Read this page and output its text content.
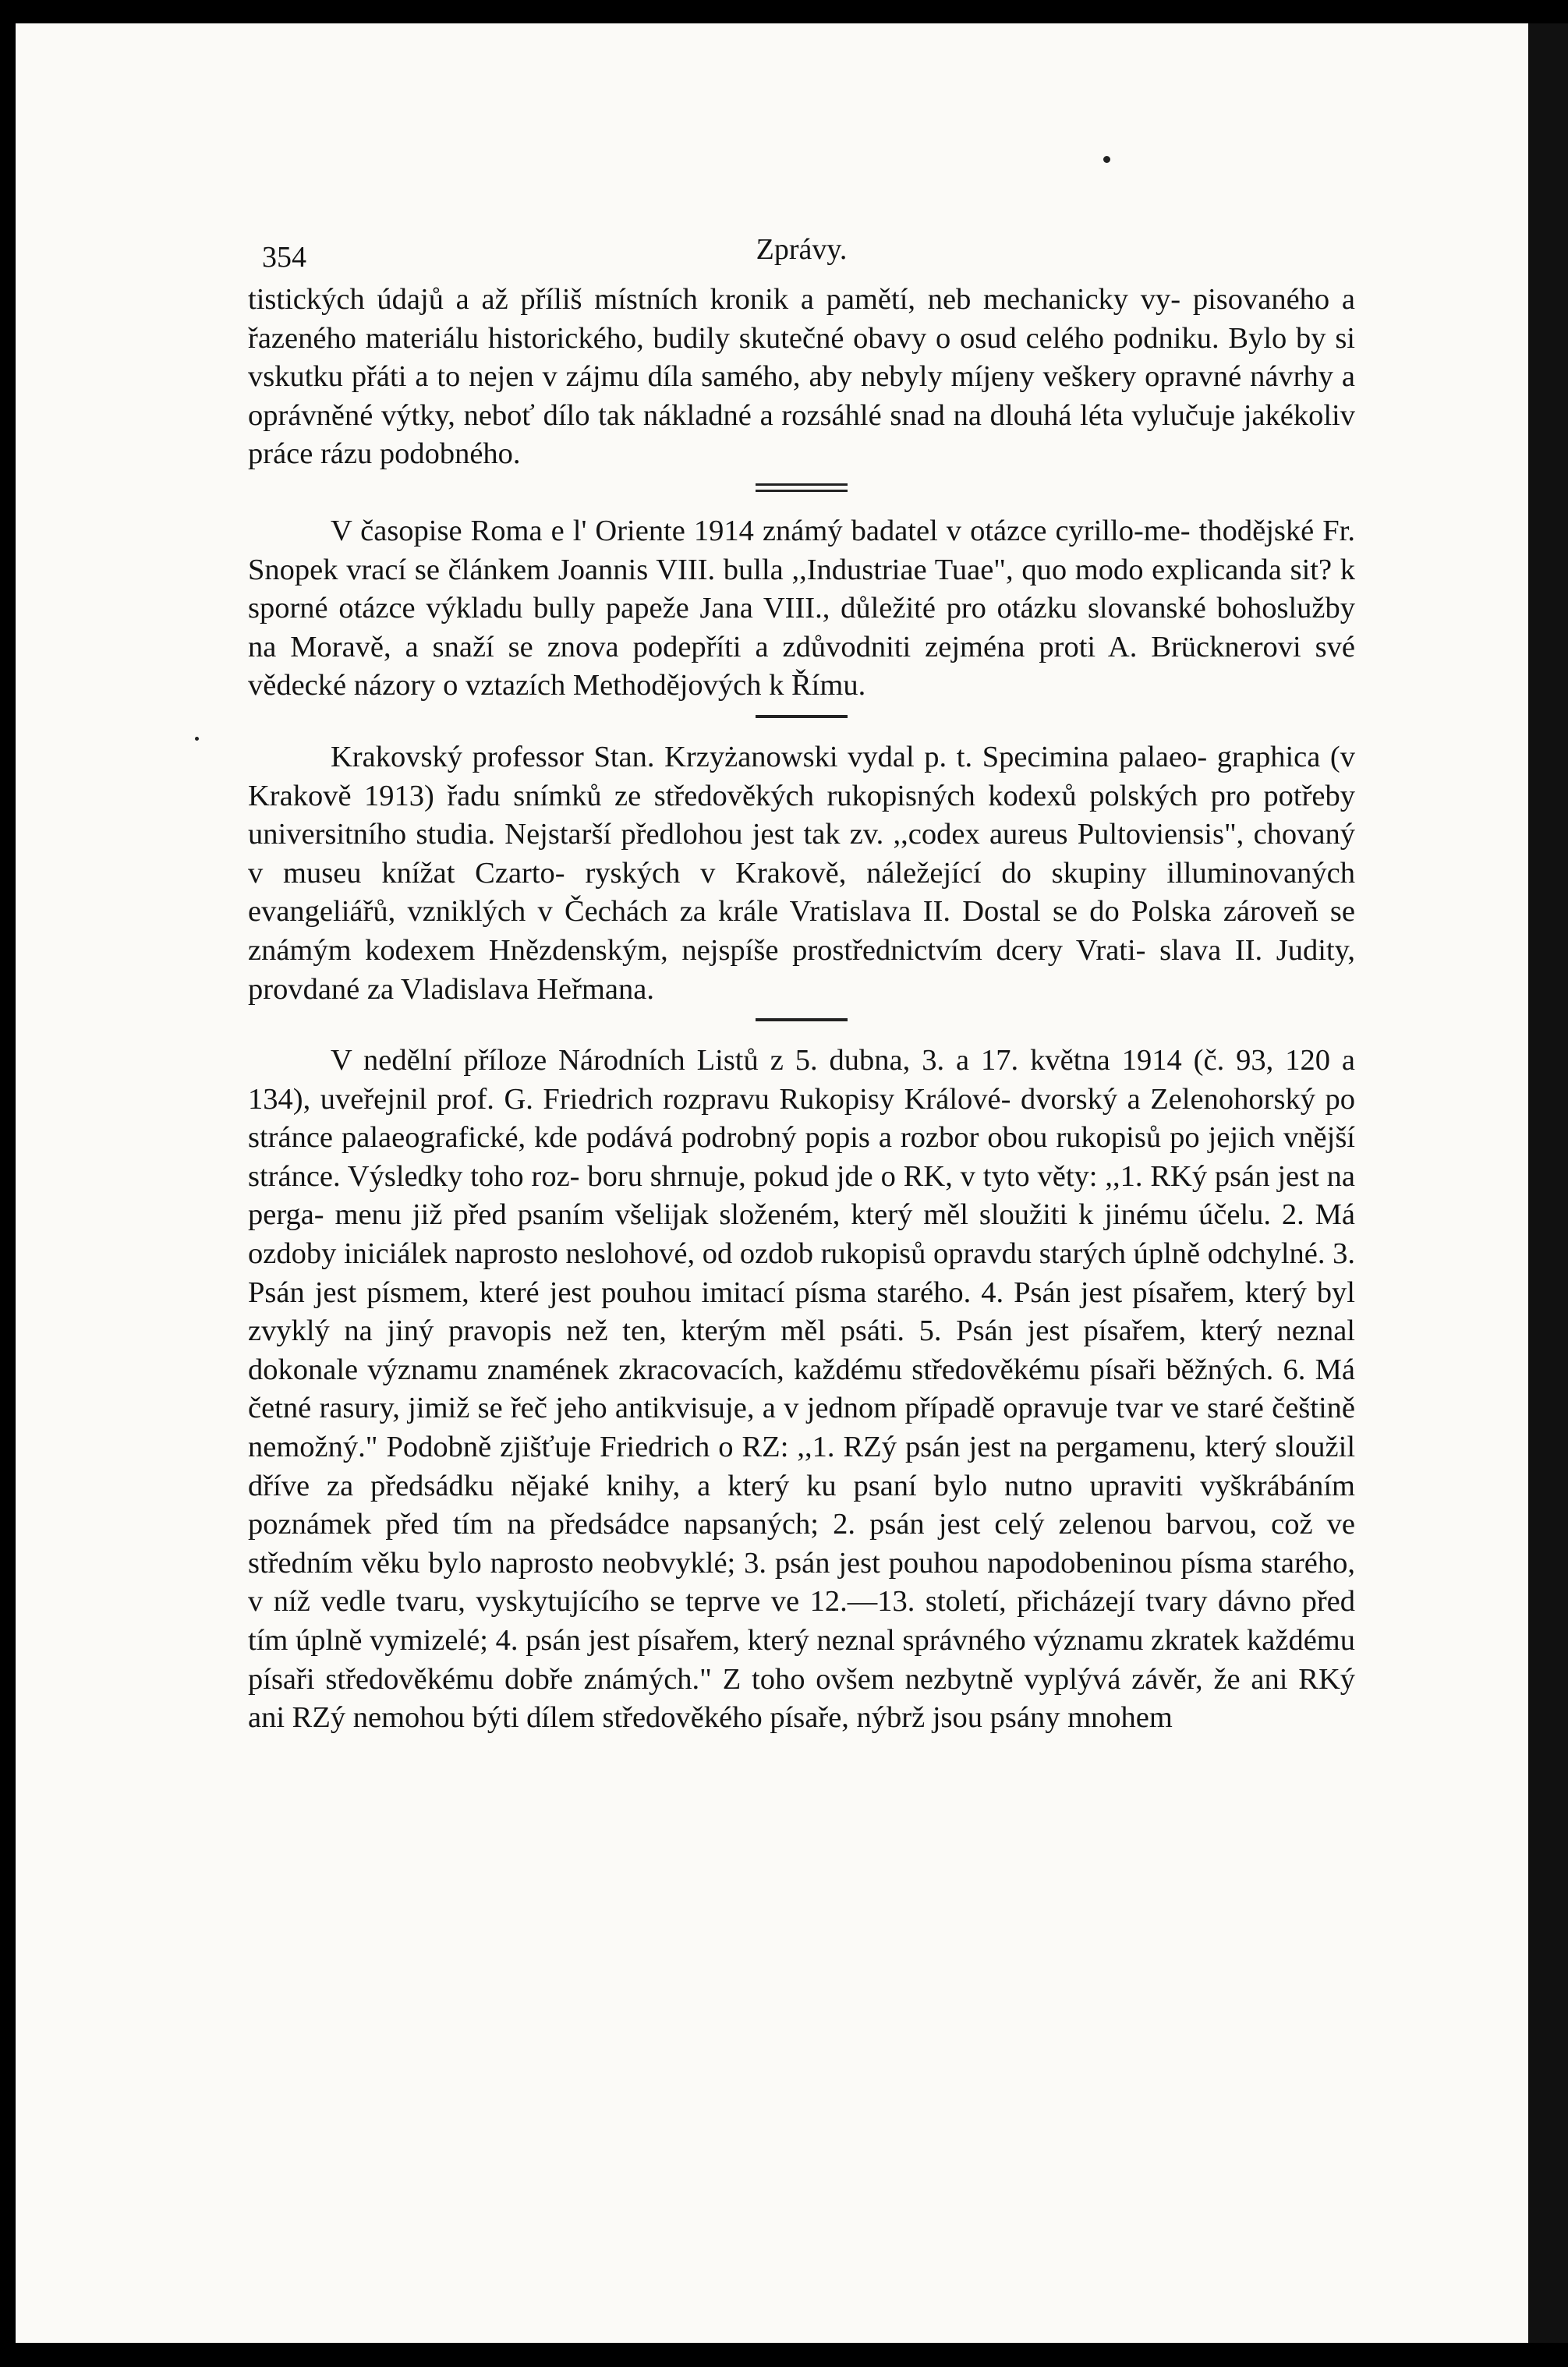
354	Zprávy.

tistických údajů a až příliš místních kronik a pamětí, neb mechanicky vy- pisovaného a řazeného materiálu historického, budily skutečné obavy o osud celého podniku. Bylo by si vskutku přáti a to nejen v zájmu díla samého, aby nebyly míjeny veškery opravné návrhy a oprávněné výtky, neboť dílo tak nákladné a rozsáhlé snad na dlouhá léta vylučuje jakékoliv práce rázu podobného.

V časopise Roma e l' Oriente 1914 známý badatel v otázce cyrillo-me- thodějské Fr. Snopek vrací se článkem Joannis VIII. bulla ,,Industriae Tuae", quo modo explicanda sit? k sporné otázce výkladu bully papeže Jana VIII., důležité pro otázku slovanské bohoslužby na Moravě, a snaží se znova podepříti a zdůvodniti zejména proti A. Brücknerovi své vědecké názory o vztazích Methodějových k Římu.

Krakovský professor Stan. Krzyżanowski vydal p. t. Specimina palaeo- graphica (v Krakově 1913) řadu snímků ze středověkých rukopisných kodexů polských pro potřeby universitního studia. Nejstarší předlohou jest tak zv. ,,codex aureus Pultoviensis", chovaný v museu knížat Czarto- ryských v Krakově, náležející do skupiny illuminovaných evangeliářů, vzniklých v Čechách za krále Vratislava II. Dostal se do Polska zároveň se známým kodexem Hnězdenským, nejspíše prostřednictvím dcery Vrati- slava II. Judity, provdané za Vladislava Heřmana.

V nedělní příloze Národních Listů z 5. dubna, 3. a 17. května 1914 (č. 93, 120 a 134), uveřejnil prof. G. Friedrich rozpravu Rukopisy Králové- dvorský a Zelenohorský po stránce palaeografické, kde podává podrobný popis a rozbor obou rukopisů po jejich vnější stránce. Výsledky toho roz- boru shrnuje, pokud jde o RK, v tyto věty: ,,1. RKý psán jest na perga- menu již před psaním všelijak složeném, který měl sloužiti k jinému účelu. 2. Má ozdoby iniciálek naprosto neslohové, od ozdob rukopisů opravdu starých úplně odchylné. 3. Psán jest písmem, které jest pouhou imitací písma starého. 4. Psán jest písařem, který byl zvyklý na jiný pravopis než ten, kterým měl psáti. 5. Psán jest písařem, který neznal dokonale významu znamének zkracovacích, každému středověkému písaři běžných. 6. Má četné rasury, jimiž se řeč jeho antikvisuje, a v jednom případě opravuje tvar ve staré češtině nemožný." Podobně zjišťuje Friedrich o RZ: ,,1. RZý psán jest na pergamenu, který sloužil dříve za předsádku nějaké knihy, a který ku psaní bylo nutno upraviti vyškrábáním poznámek před tím na předsádce napsaných; 2. psán jest celý zelenou barvou, což ve středním věku bylo naprosto neobvyklé; 3. psán jest pouhou napodobeninou písma starého, v níž vedle tvaru, vyskytujícího se teprve ve 12.—13. století, přicházejí tvary dávno před tím úplně vymizelé; 4. psán jest písařem, který neznal správného významu zkratek každému písaři středověkému dobře známých." Z toho ovšem nezbytně vyplývá závěr, že ani RKý ani RZý nemohou býti dílem středověkého písaře, nýbrž jsou psány mnohem
